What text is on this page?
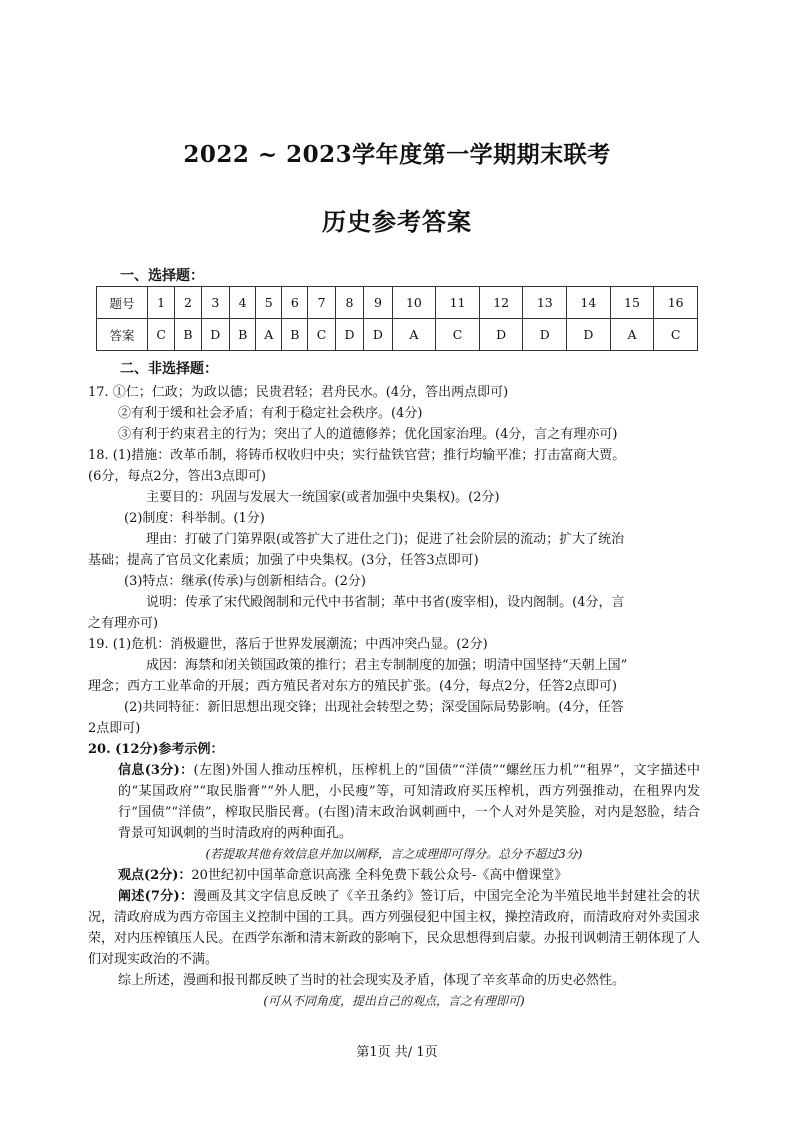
2022 ~ 2023学年度第一学期期末联考
历史参考答案

一、选择题：

题号	1	2	3	4	5	6	7	8	9	10	11	12	13	14	15	16
答案	C	B	D	B	A	B	C	D	D	A	C	D	D	D	A	C

二、非选择题：

17. ①仁；仁政；为政以德；民贵君轻；君舟民水。(4分，答出两点即可)

②有利于缓和社会矛盾；有利于稳定社会秩序。(4分)

③有利于约束君主的行为；突出了人的道德修养；优化国家治理。(4分，言之有理亦可)

18. (1)措施：改革币制，将铸币权收归中央；实行盐铁官营；推行均输平准；打击富商大贾。

(6分，每点2分，答出3点即可)

主要目的：巩固与发展大一统国家(或者加强中央集权)。(2分)

(2)制度：科举制。(1分)

理由：打破了门第界限(或答扩大了进仕之门)；促进了社会阶层的流动；扩大了统治

基础；提高了官员文化素质；加强了中央集权。(3分，任答3点即可)

(3)特点：继承(传承)与创新相结合。(2分)

说明：传承了宋代殿阁制和元代中书省制；革中书省(废宰相)，设内阁制。(4分，言

之有理亦可)

19. (1)危机：消极避世，落后于世界发展潮流；中西冲突凸显。(2分)

成因：海禁和闭关锁国政策的推行；君主专制制度的加强；明清中国坚持“天朝上国”

理念；西方工业革命的开展；西方殖民者对东方的殖民扩张。(4分，每点2分，任答2点即可)

(2)共同特征：新旧思想出现交锋；出现社会转型之势；深受国际局势影响。(4分，任答

2点即可)

20. (12分)参考示例：

信息(3分)：(左图)外国人推动压榨机，压榨机上的“国债”“洋债”“螺丝压力机”“租界”，文字描述中的“某国政府”“取民脂膏”“外人肥，小民瘦”等，可知清政府买压榨机，西方列强推动，在租界内发行“国债”“洋债”，榨取民脂民膏。(右图)清末政治讽刺画中，一个人对外是笑脸，对内是怒脸，结合背景可知讽刺的当时清政府的两种面孔。

(若提取其他有效信息并加以阐释，言之成理即可得分。总分不超过3分)

观点(2分)：20世纪初中国革命意识高涨 全科免费下载公众号-《高中僧课堂》

阐述(7分)：漫画及其文字信息反映了《辛丑条约》签订后，中国完全沦为半殖民地半封建社会的状况，清政府成为西方帝国主义控制中国的工具。西方列强侵犯中国主权，操控清政府，而清政府对外卖国求荣，对内压榨镇压人民。在西学东渐和清末新政的影响下，民众思想得到启蒙。办报刊讽刺清王朝体现了人们对现实政治的不满。

综上所述，漫画和报刊都反映了当时的社会现实及矛盾，体现了辛亥革命的历史必然性。

(可从不同角度，提出自己的观点，言之有理即可)

第1页 共/ 1页
